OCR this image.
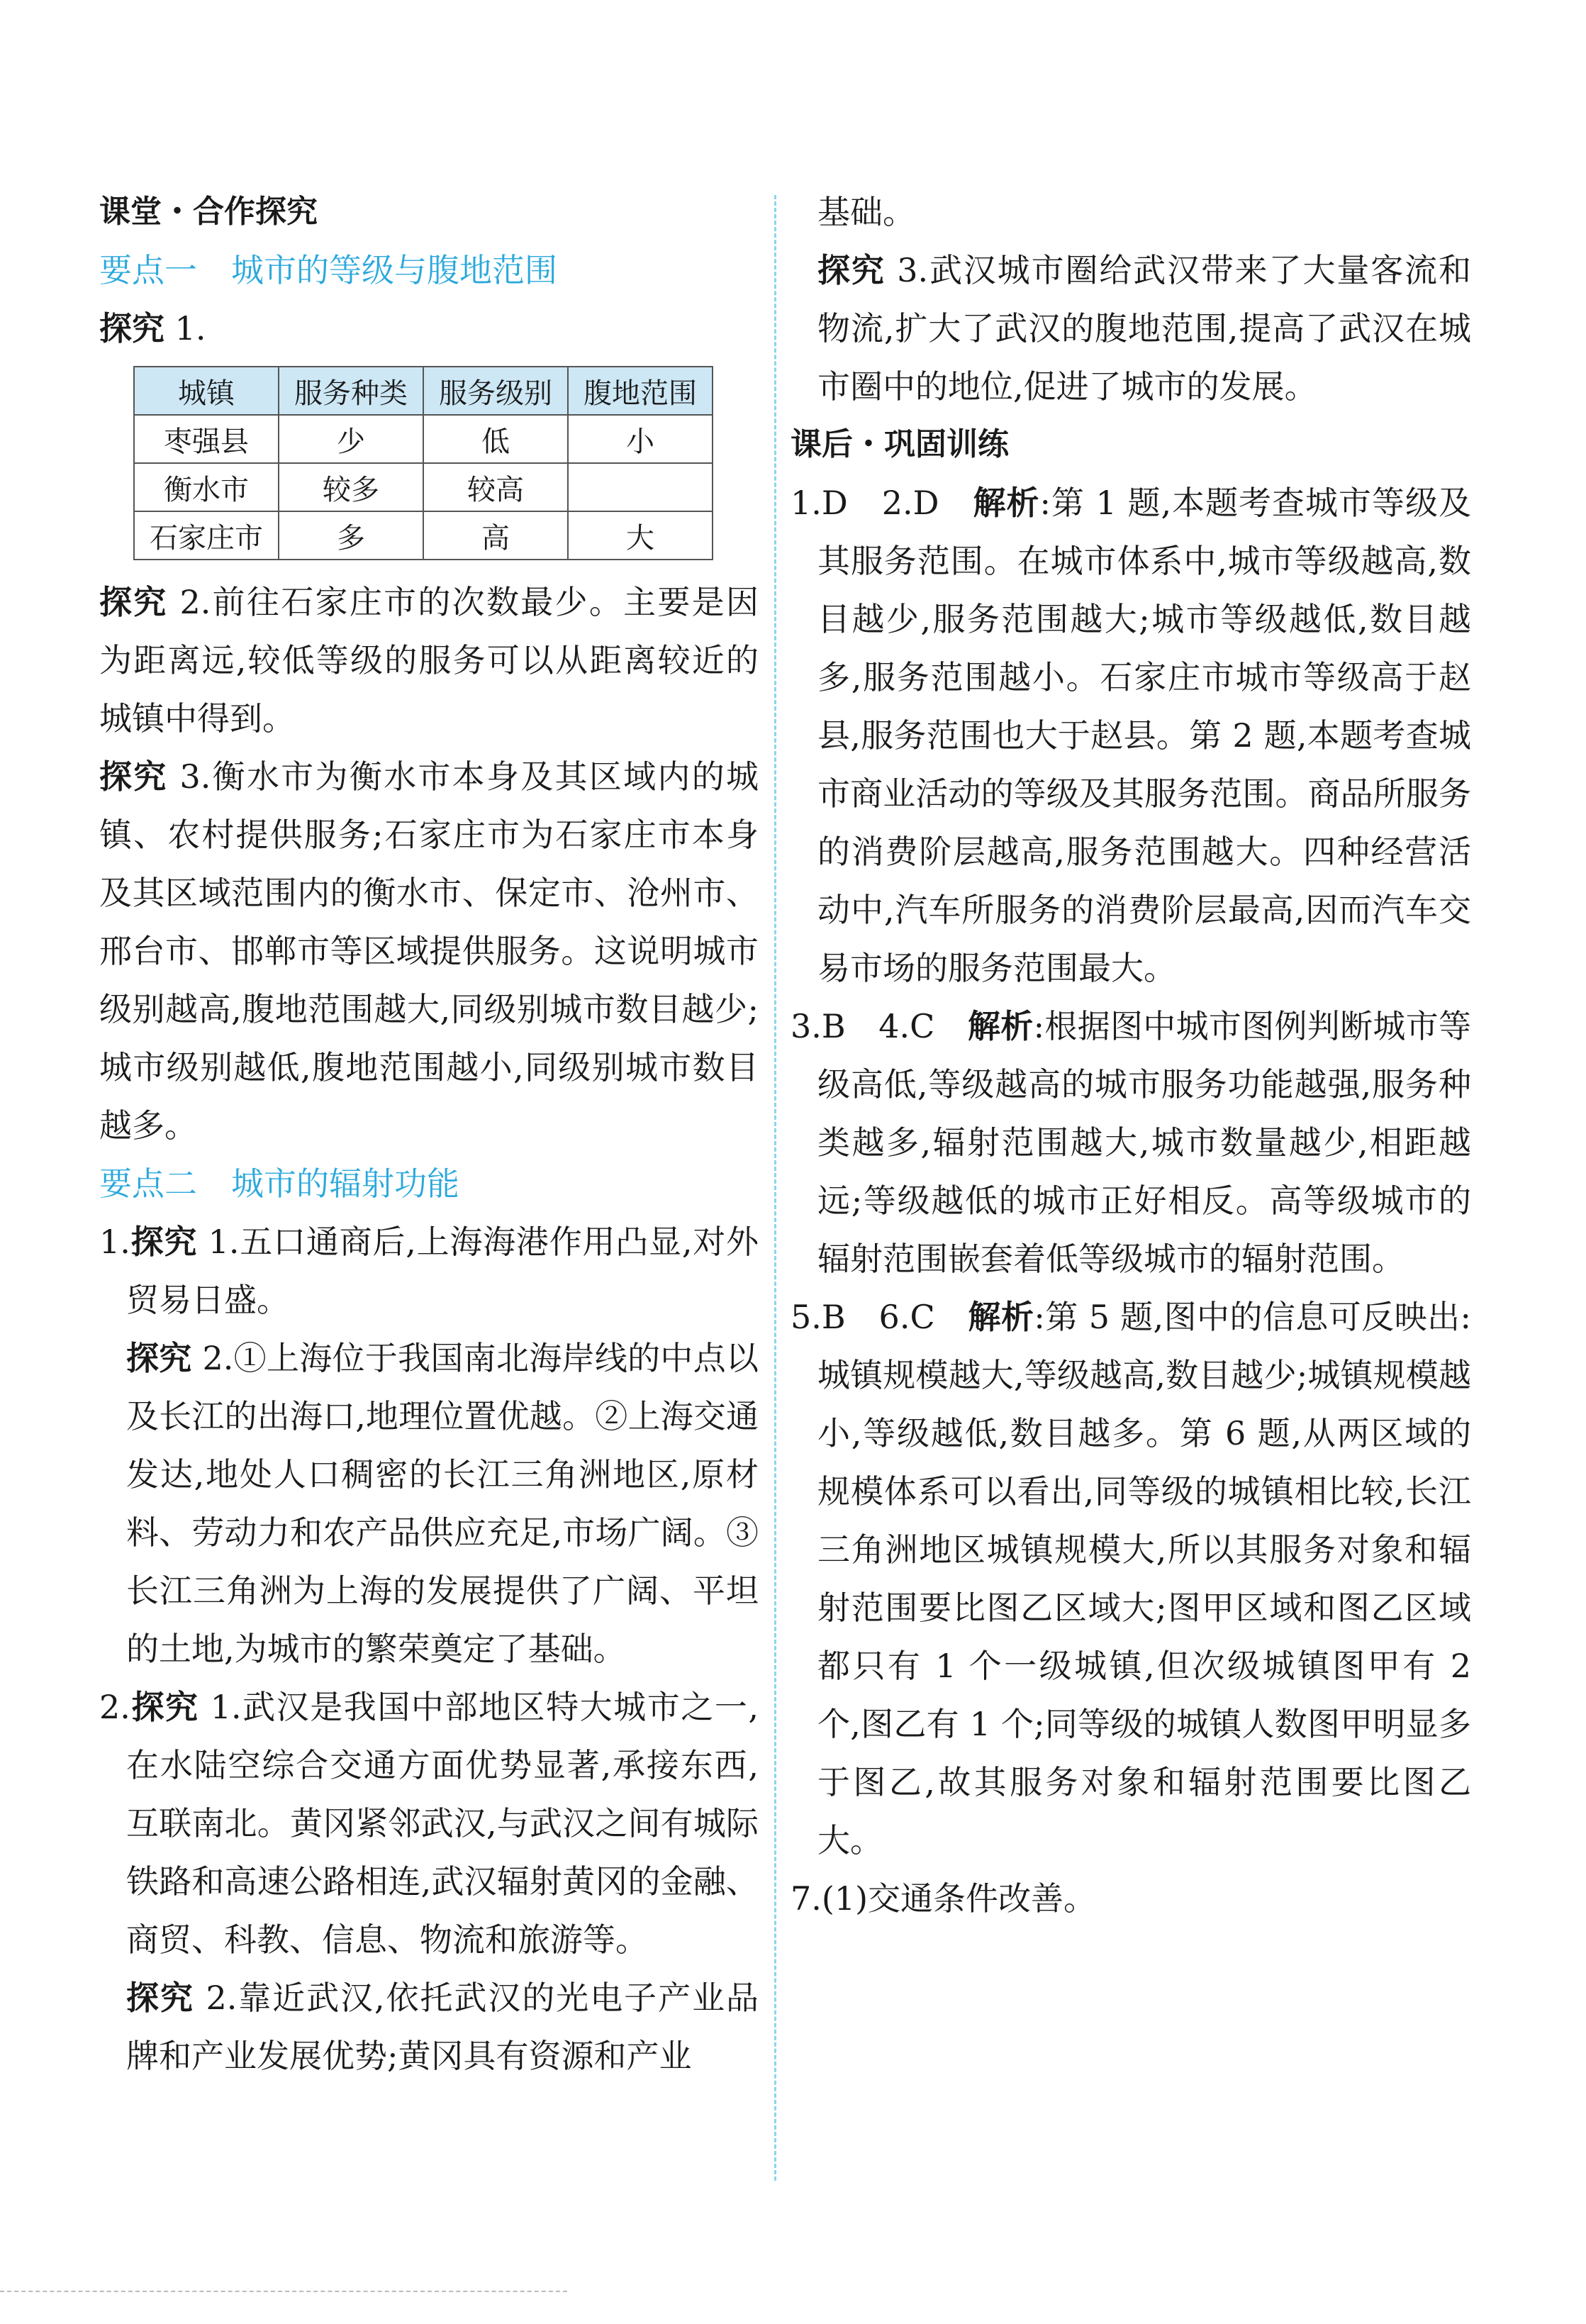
课堂・合作探究
要点一 城市的等级与腹地范围
探究 1.
城镇	服务种类	服务级别	腹地范围
枣强县	少	低	小
衡水市	较多	较高	
石家庄市	多	高	大
探究 2.前往石家庄市的次数最少。主要是因为距离远,较低等级的服务可以从距离较近的城镇中得到。
探究 3.衡水市为衡水市本身及其区域内的城镇、农村提供服务;石家庄市为石家庄市本身及其区域范围内的衡水市、保定市、沧州市、邢台市、邯郸市等区域提供服务。这说明城市级别越高,腹地范围越大,同级别城市数目越少;城市级别越低,腹地范围越小,同级别城市数目越多。
要点二 城市的辐射功能
1.探究 1.五口通商后,上海海港作用凸显,对外贸易日盛。
探究 2.①上海位于我国南北海岸线的中点以及长江的出海口,地理位置优越。②上海交通发达,地处人口稠密的长江三角洲地区,原材料、劳动力和农产品供应充足,市场广阔。③长江三角洲为上海的发展提供了广阔、平坦的土地,为城市的繁荣奠定了基础。
2.探究 1.武汉是我国中部地区特大城市之一,在水陆空综合交通方面优势显著,承接东西,互联南北。黄冈紧邻武汉,与武汉之间有城际铁路和高速公路相连,武汉辐射黄冈的金融、商贸、科教、信息、物流和旅游等。
探究 2.靠近武汉,依托武汉的光电子产业品牌和产业发展优势;黄冈具有资源和产业
基础。
探究 3.武汉城市圈给武汉带来了大量客流和物流,扩大了武汉的腹地范围,提高了武汉在城市圈中的地位,促进了城市的发展。
课后・巩固训练
1.D　2.D　解析:第 1 题,本题考查城市等级及其服务范围。在城市体系中,城市等级越高,数目越少,服务范围越大;城市等级越低,数目越多,服务范围越小。石家庄市城市等级高于赵县,服务范围也大于赵县。第 2 题,本题考查城市商业活动的等级及其服务范围。商品所服务的消费阶层越高,服务范围越大。四种经营活动中,汽车所服务的消费阶层最高,因而汽车交易市场的服务范围最大。
3.B　4.C　解析:根据图中城市图例判断城市等级高低,等级越高的城市服务功能越强,服务种类越多,辐射范围越大,城市数量越少,相距越远;等级越低的城市正好相反。高等级城市的辐射范围嵌套着低等级城市的辐射范围。
5.B　6.C　解析:第 5 题,图中的信息可反映出:城镇规模越大,等级越高,数目越少;城镇规模越小,等级越低,数目越多。第 6 题,从两区域的规模体系可以看出,同等级的城镇相比较,长江三角洲地区城镇规模大,所以其服务对象和辐射范围要比图乙区域大;图甲区域和图乙区域都只有 1 个一级城镇,但次级城镇图甲有 2 个,图乙有 1 个;同等级的城镇人数图甲明显多于图乙,故其服务对象和辐射范围要比图乙大。
7.(1)交通条件改善。
